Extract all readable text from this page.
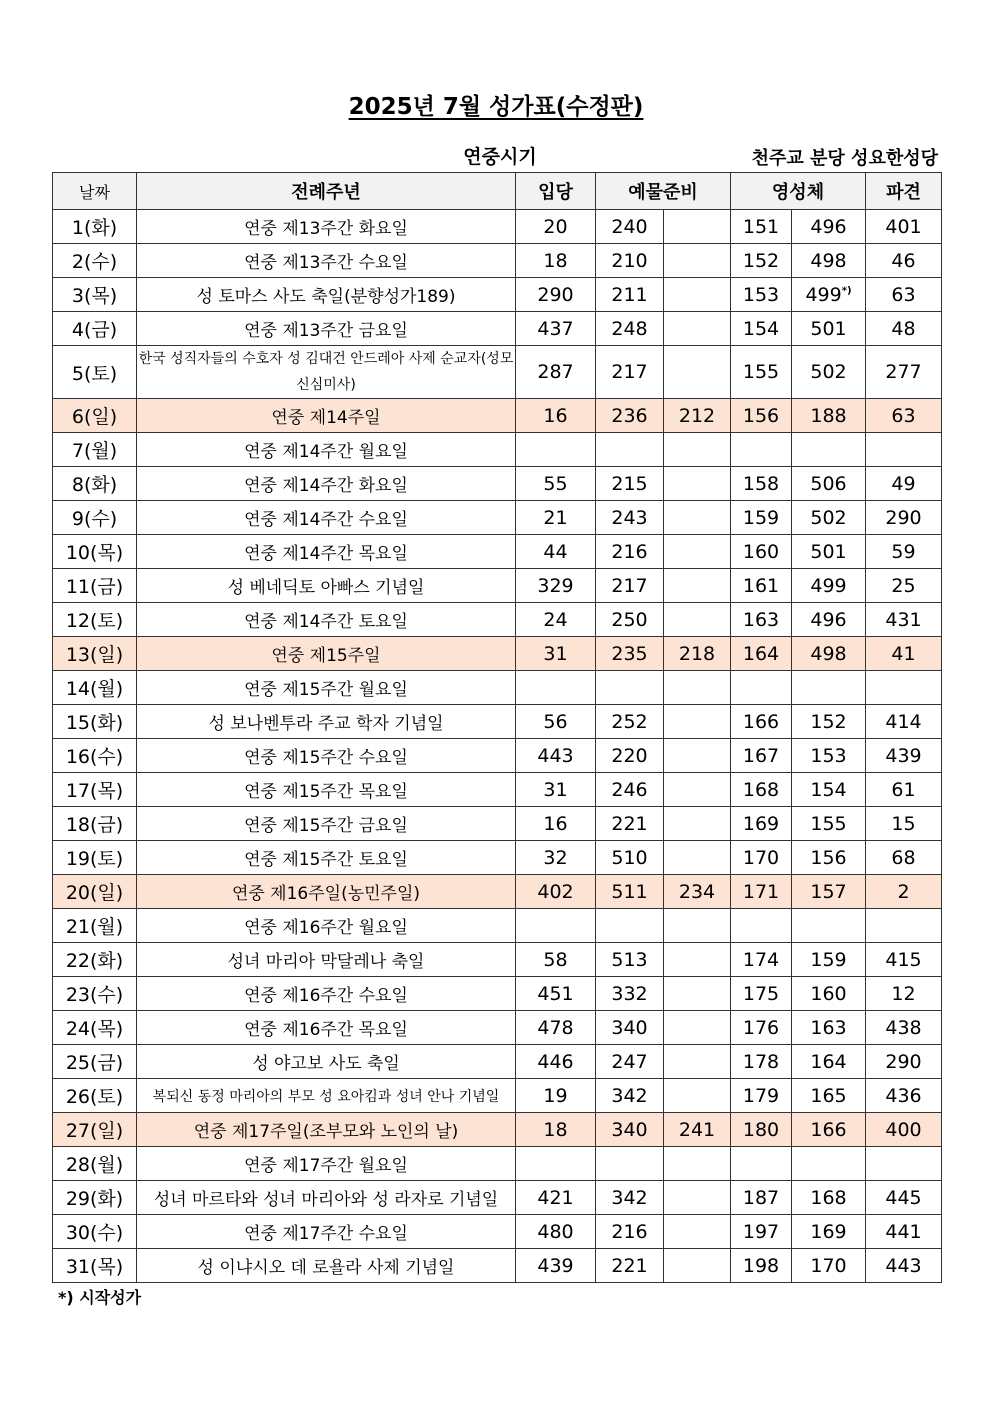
2025년 7월 성가표(수정판)
연중시기	천주교 분당 성요한성당
날짜	전례주년	입당	예물준비		영성체		파견
1(화)	연중 제13주간 화요일	20	240		151	496	401
2(수)	연중 제13주간 수요일	18	210		152	498	46
3(목)	성 토마스 사도 축일(분향성가189)	290	211		153	499*)	63
4(금)	연중 제13주간 금요일	437	248		154	501	48
5(토)	한국 성직자들의 수호자 성 김대건 안드레아 사제 순교자(성모신심미사)	287	217		155	502	277
6(일)	연중 제14주일	16	236	212	156	188	63
7(월)	연중 제14주간 월요일						
8(화)	연중 제14주간 화요일	55	215		158	506	49
9(수)	연중 제14주간 수요일	21	243		159	502	290
10(목)	연중 제14주간 목요일	44	216		160	501	59
11(금)	성 베네딕토 아빠스 기념일	329	217		161	499	25
12(토)	연중 제14주간 토요일	24	250		163	496	431
13(일)	연중 제15주일	31	235	218	164	498	41
14(월)	연중 제15주간 월요일						
15(화)	성 보나벤투라 주교 학자 기념일	56	252		166	152	414
16(수)	연중 제15주간 수요일	443	220		167	153	439
17(목)	연중 제15주간 목요일	31	246		168	154	61
18(금)	연중 제15주간 금요일	16	221		169	155	15
19(토)	연중 제15주간 토요일	32	510		170	156	68
20(일)	연중 제16주일(농민주일)	402	511	234	171	157	2
21(월)	연중 제16주간 월요일						
22(화)	성녀 마리아 막달레나 축일	58	513		174	159	415
23(수)	연중 제16주간 수요일	451	332		175	160	12
24(목)	연중 제16주간 목요일	478	340		176	163	438
25(금)	성 야고보 사도 축일	446	247		178	164	290
26(토)	복되신 동정 마리아의 부모 성 요아킴과 성녀 안나 기념일	19	342		179	165	436
27(일)	연중 제17주일(조부모와 노인의 날)	18	340	241	180	166	400
28(월)	연중 제17주간 월요일						
29(화)	성녀 마르타와 성녀 마리아와 성 라자로 기념일	421	342		187	168	445
30(수)	연중 제17주간 수요일	480	216		197	169	441
31(목)	성 이냐시오 데 로욜라 사제 기념일	439	221		198	170	443
*) 시작성가
